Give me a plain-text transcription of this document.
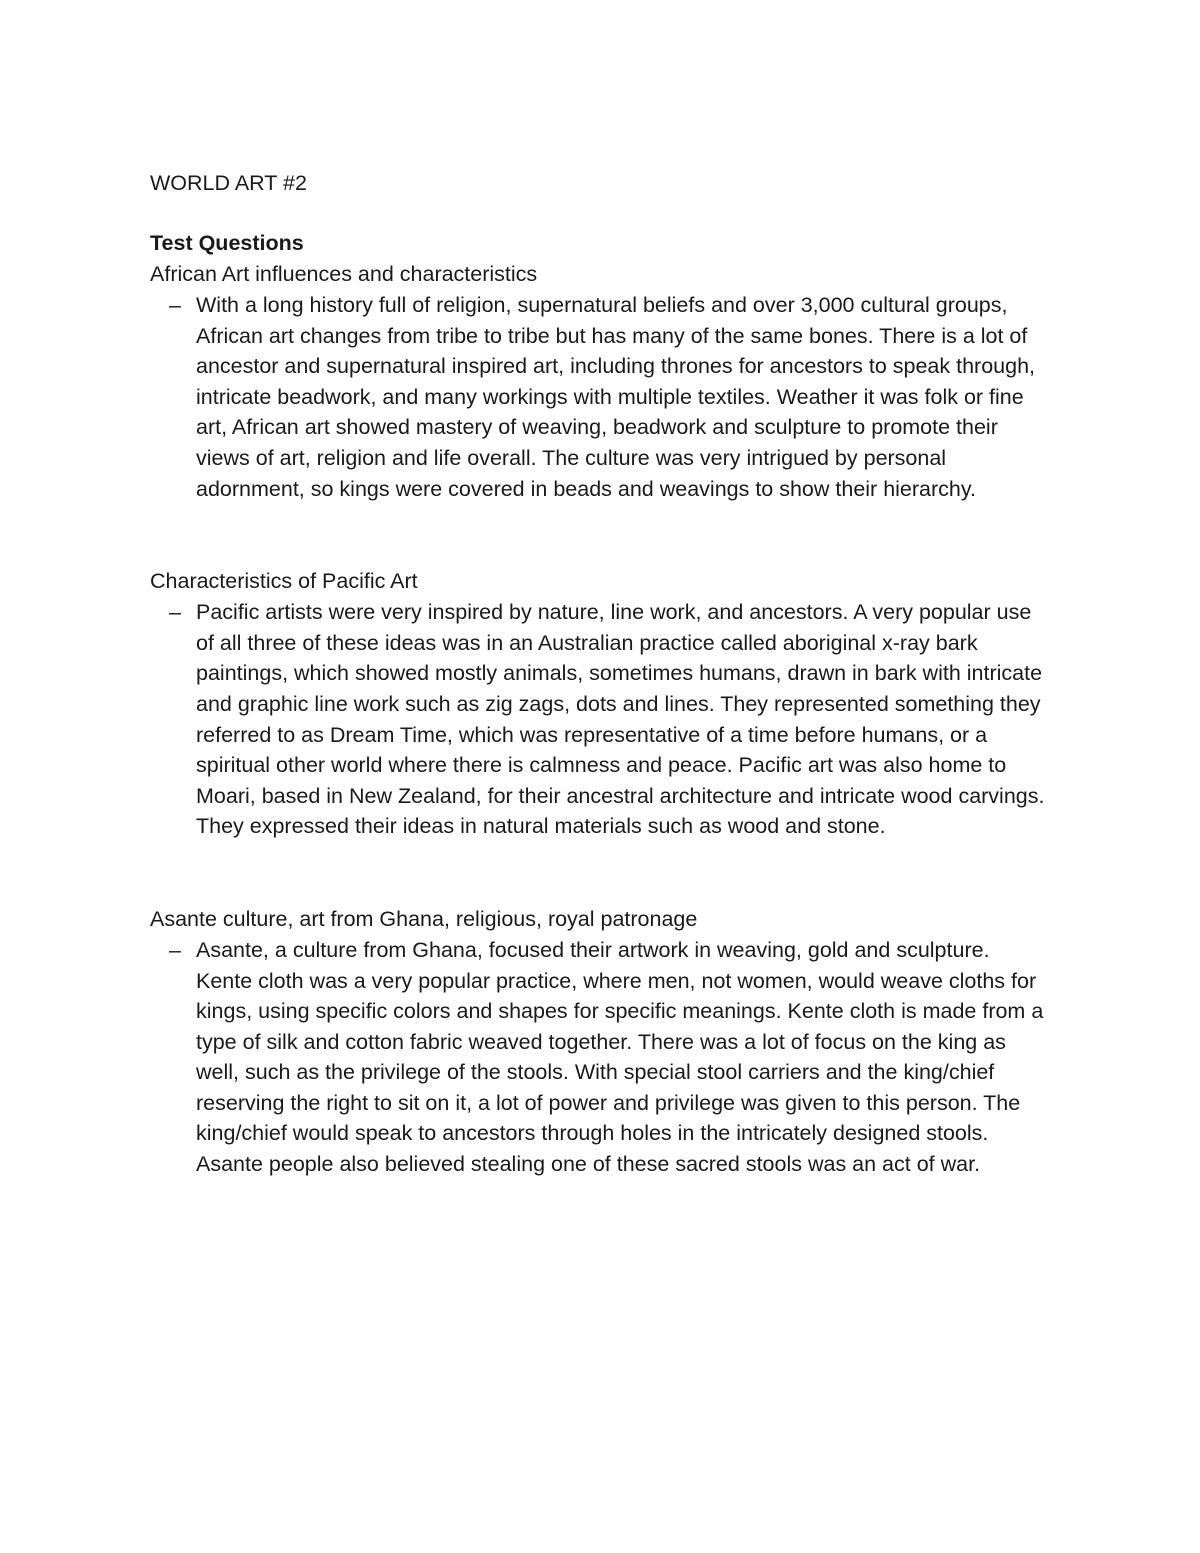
WORLD ART #2

Test Questions

African Art influences and characteristics

– With a long history full of religion, supernatural beliefs and over 3,000 cultural groups, African art changes from tribe to tribe but has many of the same bones. There is a lot of ancestor and supernatural inspired art, including thrones for ancestors to speak through, intricate beadwork, and many workings with multiple textiles. Weather it was folk or fine art, African art showed mastery of weaving, beadwork and sculpture to promote their views of art, religion and life overall. The culture was very intrigued by personal adornment, so kings were covered in beads and weavings to show their hierarchy.

Characteristics of Pacific Art

– Pacific artists were very inspired by nature, line work, and ancestors. A very popular use of all three of these ideas was in an Australian practice called aboriginal x-ray bark paintings, which showed mostly animals, sometimes humans, drawn in bark with intricate and graphic line work such as zig zags, dots and lines. They represented something they referred to as Dream Time, which was representative of a time before humans, or a spiritual other world where there is calmness and peace. Pacific art was also home to Moari, based in New Zealand, for their ancestral architecture and intricate wood carvings. They expressed their ideas in natural materials such as wood and stone.

Asante culture, art from Ghana, religious, royal patronage

– Asante, a culture from Ghana, focused their artwork in weaving, gold and sculpture. Kente cloth was a very popular practice, where men, not women, would weave cloths for kings, using specific colors and shapes for specific meanings. Kente cloth is made from a type of silk and cotton fabric weaved together. There was a lot of focus on the king as well, such as the privilege of the stools. With special stool carriers and the king/chief reserving the right to sit on it, a lot of power and privilege was given to this person. The king/chief would speak to ancestors through holes in the intricately designed stools. Asante people also believed stealing one of these sacred stools was an act of war.
